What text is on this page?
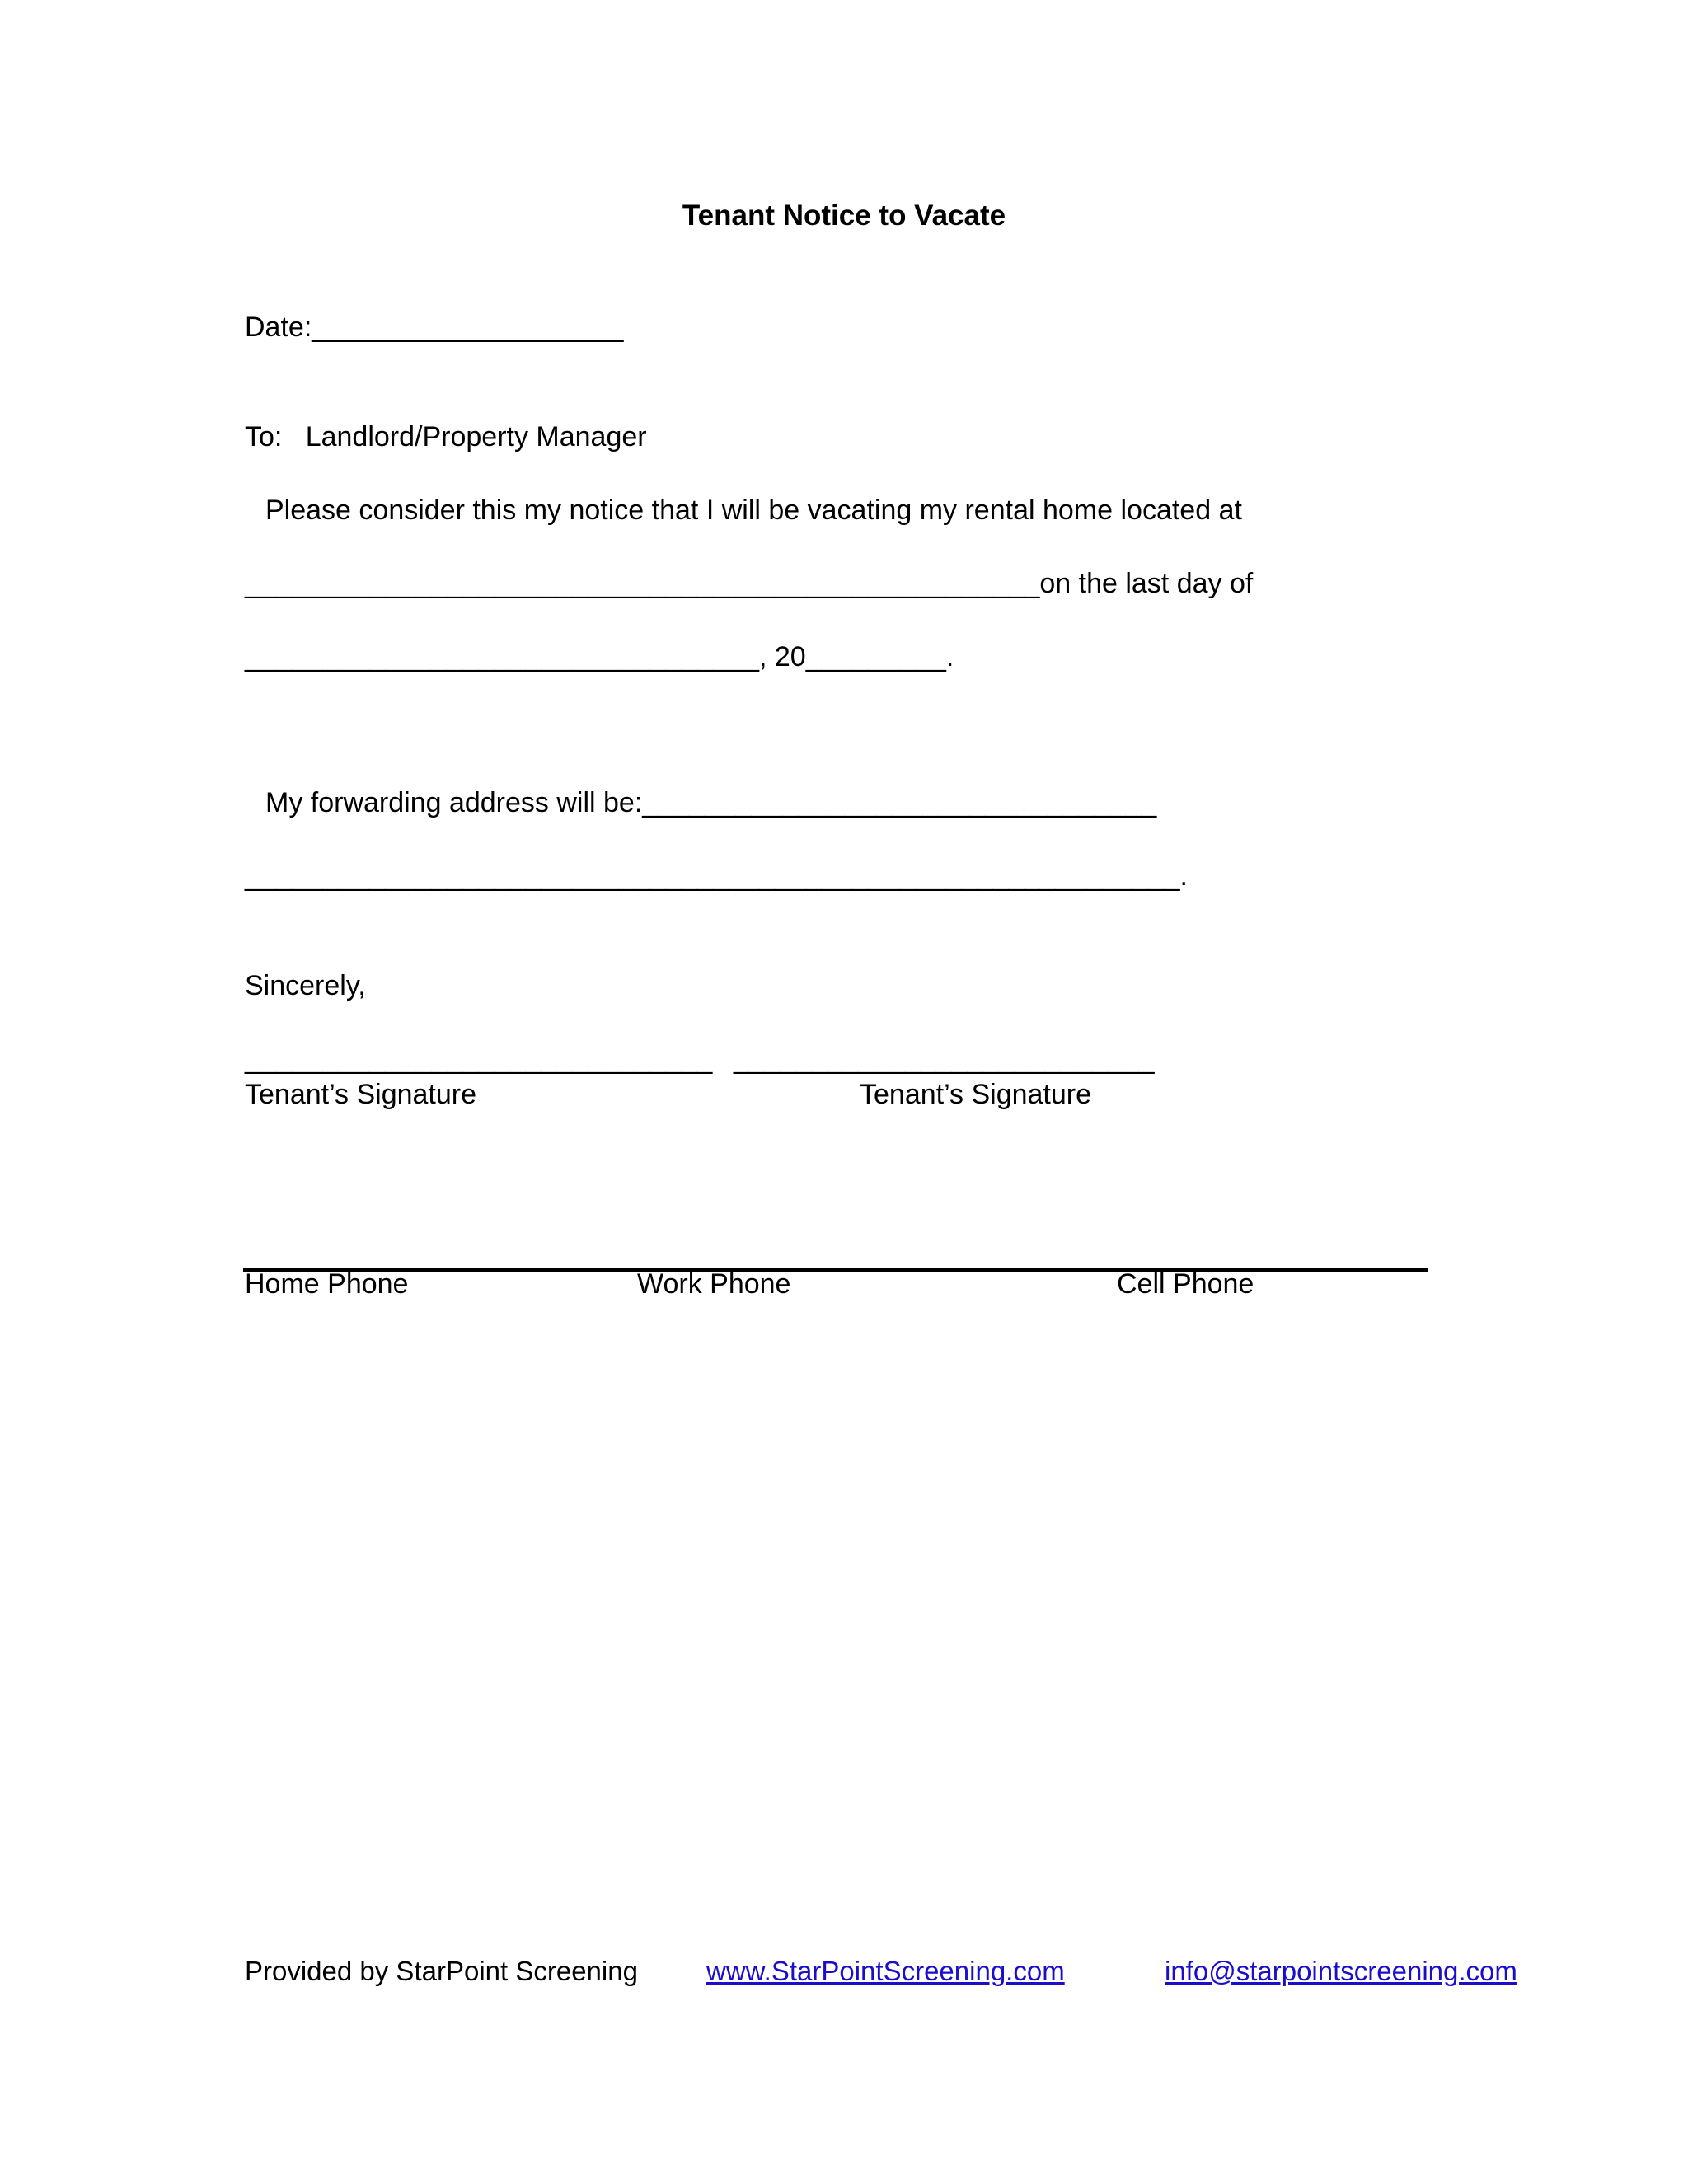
Tenant Notice to Vacate
Date:____________________
To:   Landlord/Property Manager
Please consider this my notice that I will be vacating my rental home located at
___________________________________________________on the last day of
_________________________________, 20_________.
My forwarding address will be:_________________________________
____________________________________________________________.
Sincerely,
______________________________ ___________________________
Tenant’s Signature	Tenant’s Signature
Home Phone	Work Phone	Cell Phone
Provided by StarPoint Screening	www.StarPointScreening.com	info@starpointscreening.com
